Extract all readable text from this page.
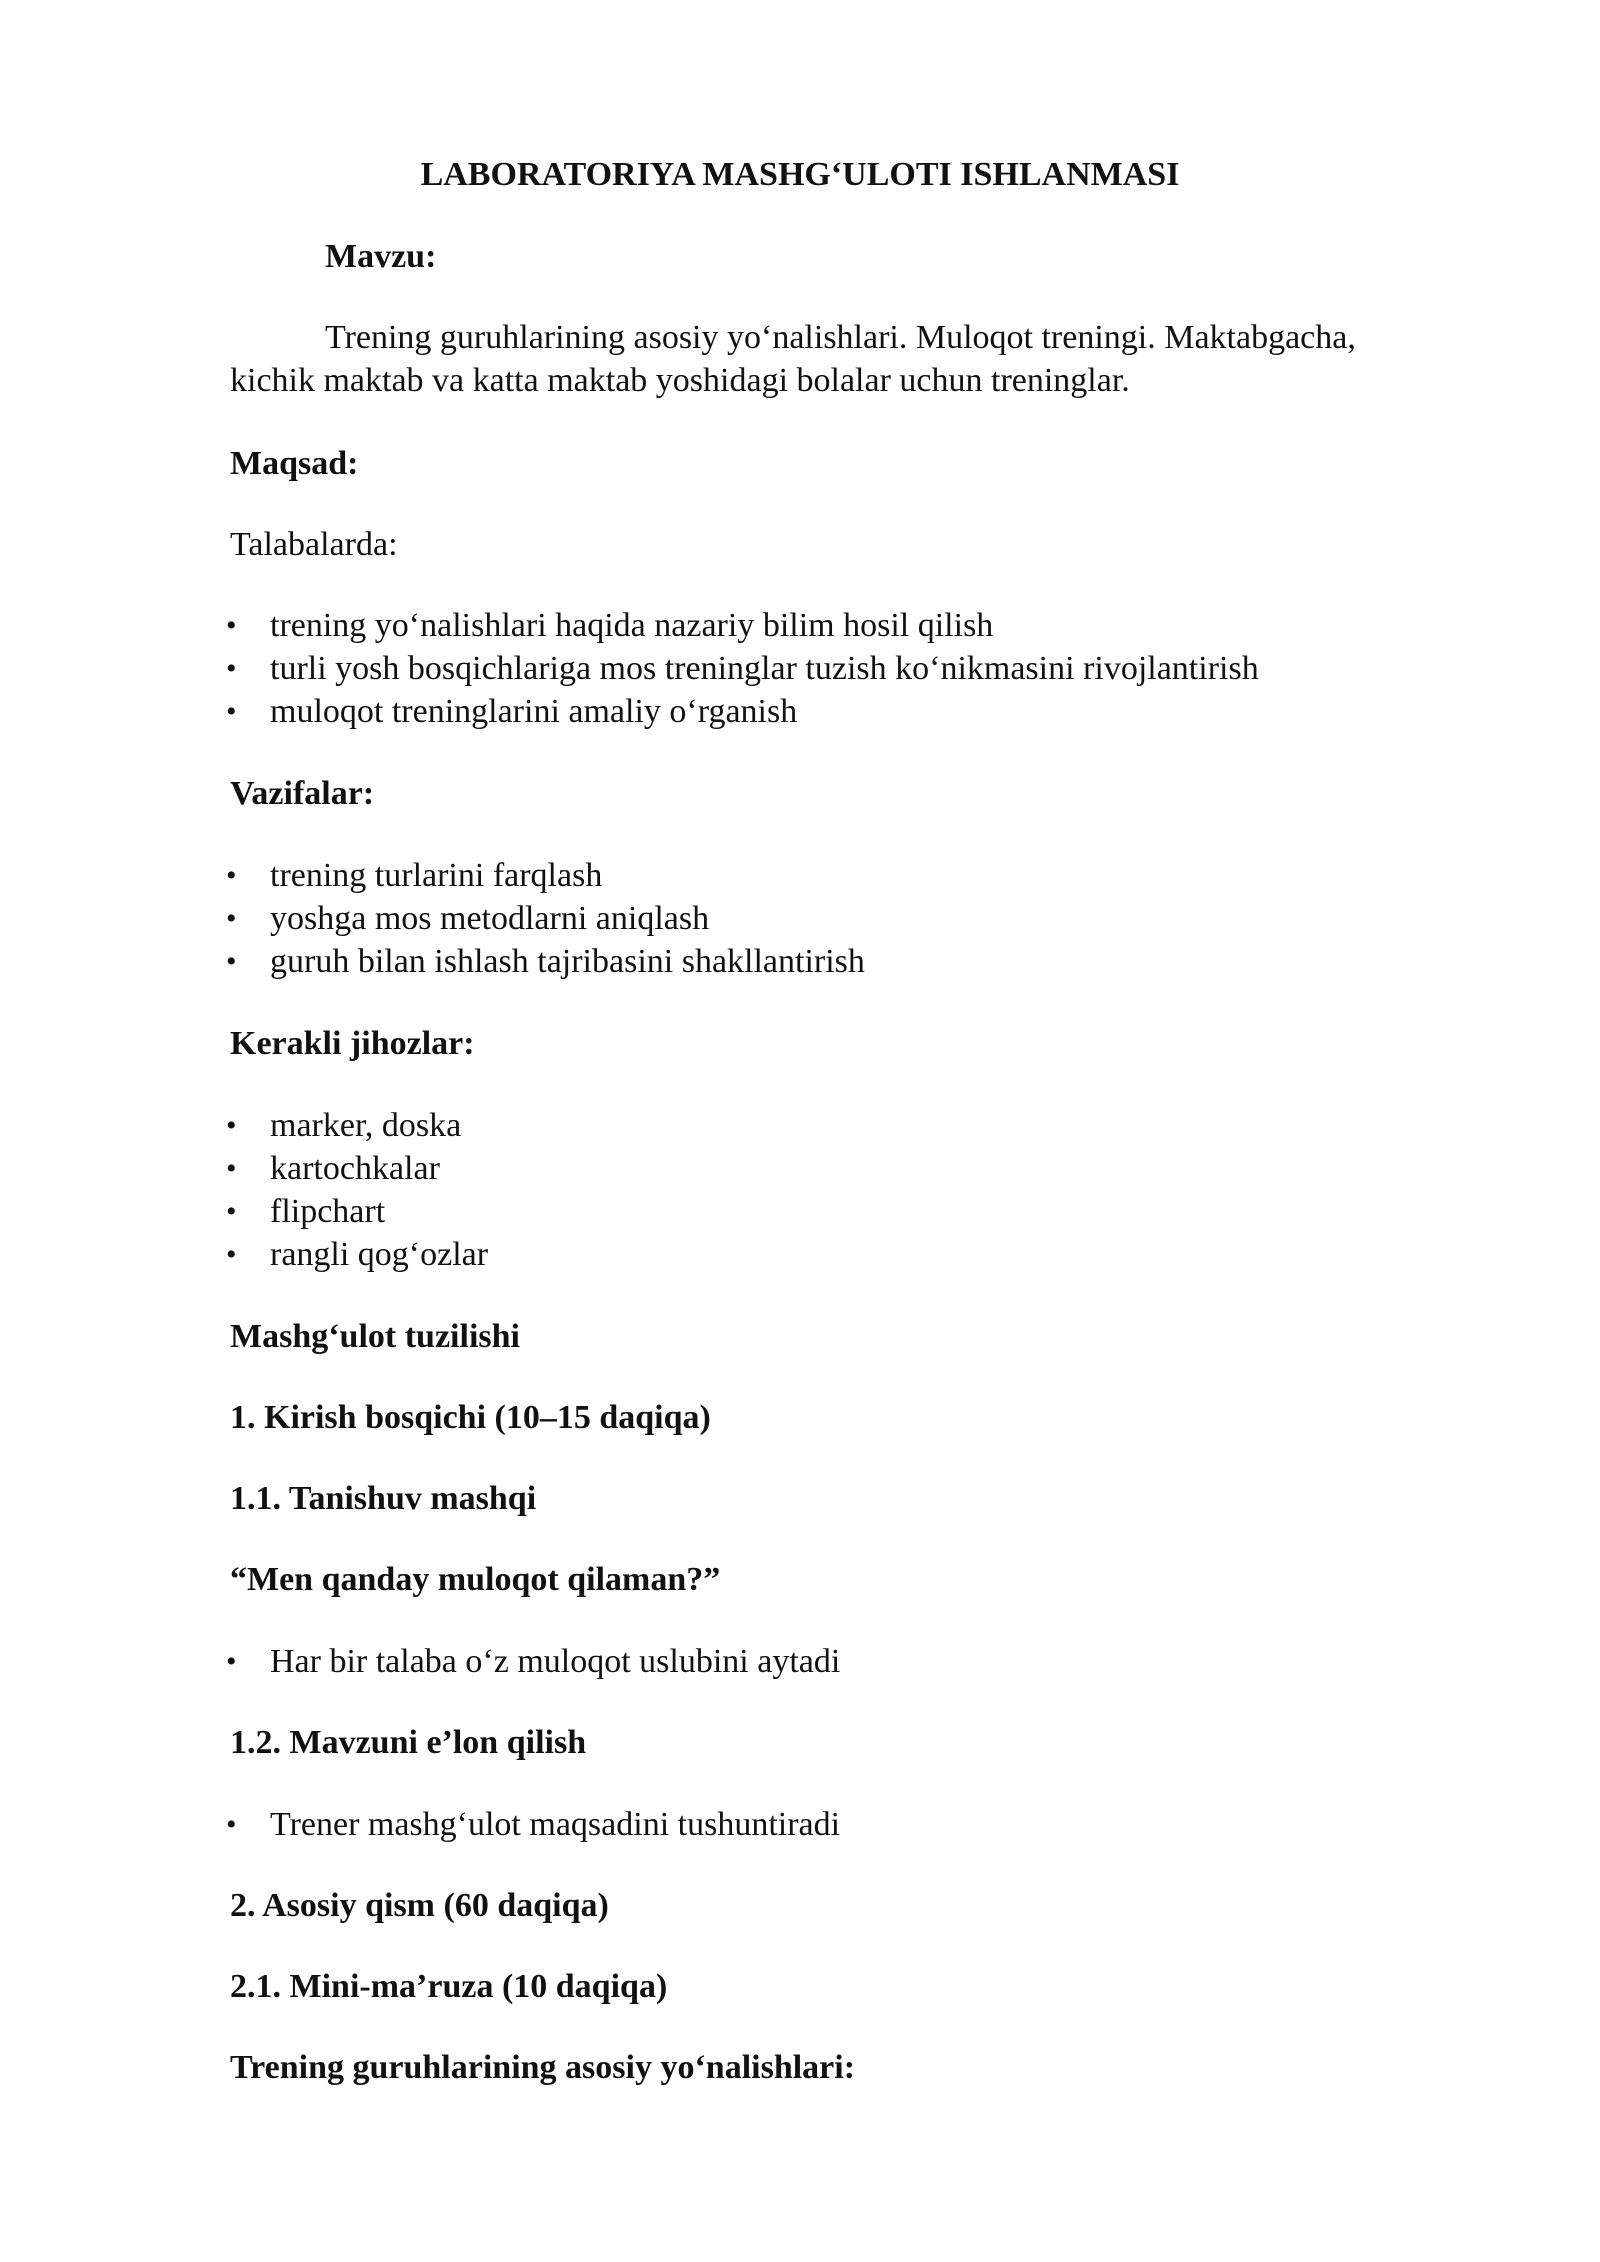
LABORATORIYA MASHG‘ULOTI ISHLANMASI

Mavzu:

Trening guruhlarining asosiy yo‘nalishlari. Muloqot treningi. Maktabgacha,

kichik maktab va katta maktab yoshidagi bolalar uchun treninglar.

Maqsad:

Talabalarda:

• trening yo‘nalishlari haqida nazariy bilim hosil qilish
• turli yosh bosqichlariga mos treninglar tuzish ko‘nikmasini rivojlantirish
• muloqot treninglarini amaliy o‘rganish

Vazifalar:

• trening turlarini farqlash
• yoshga mos metodlarni aniqlash
• guruh bilan ishlash tajribasini shakllantirish

Kerakli jihozlar:

• marker, doska
• kartochkalar
• flipchart
• rangli qog‘ozlar

Mashg‘ulot tuzilishi

1. Kirish bosqichi (10–15 daqiqa)

1.1. Tanishuv mashqi

“Men qanday muloqot qilaman?”

• Har bir talaba o‘z muloqot uslubini aytadi

1.2. Mavzuni e’lon qilish

• Trener mashg‘ulot maqsadini tushuntiradi

2. Asosiy qism (60 daqiqa)

2.1. Mini-ma’ruza (10 daqiqa)

Trening guruhlarining asosiy yo‘nalishlari:
